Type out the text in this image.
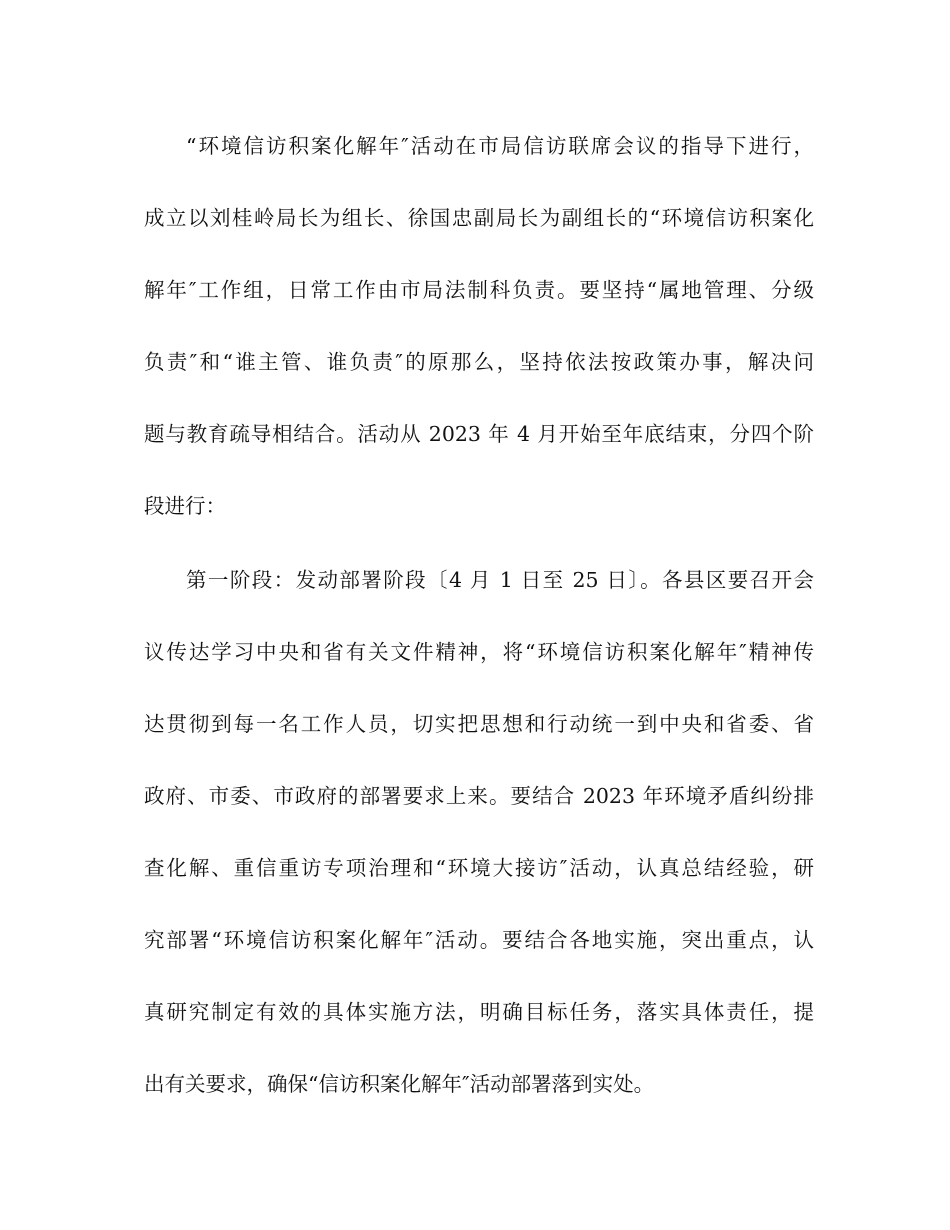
“环境信访积案化解年″活动在市局信访联席会议的指导下进行，

成立以刘桂岭局长为组长、徐国忠副局长为副组长的“环境信访积案化

解年″工作组，日常工作由市局法制科负责。要坚持“属地管理、分级

负责″和“谁主管、谁负责″的原那么，坚持依法按政策办事，解决问

题与教育疏导相结合。活动从 2023 年 4 月开始至年底结束，分四个阶

段进行：

第一阶段：发动部署阶段〔4 月 1 日至 25 日〕。各县区要召开会

议传达学习中央和省有关文件精神，将“环境信访积案化解年″精神传

达贯彻到每一名工作人员，切实把思想和行动统一到中央和省委、省

政府、市委、市政府的部署要求上来。要结合 2023 年环境矛盾纠纷排

查化解、重信重访专项治理和“环境大接访″活动，认真总结经验，研

究部署“环境信访积案化解年″活动。要结合各地实施，突出重点，认

真研究制定有效的具体实施方法，明确目标任务，落实具体责任，提

出有关要求，确保“信访积案化解年″活动部署落到实处。
